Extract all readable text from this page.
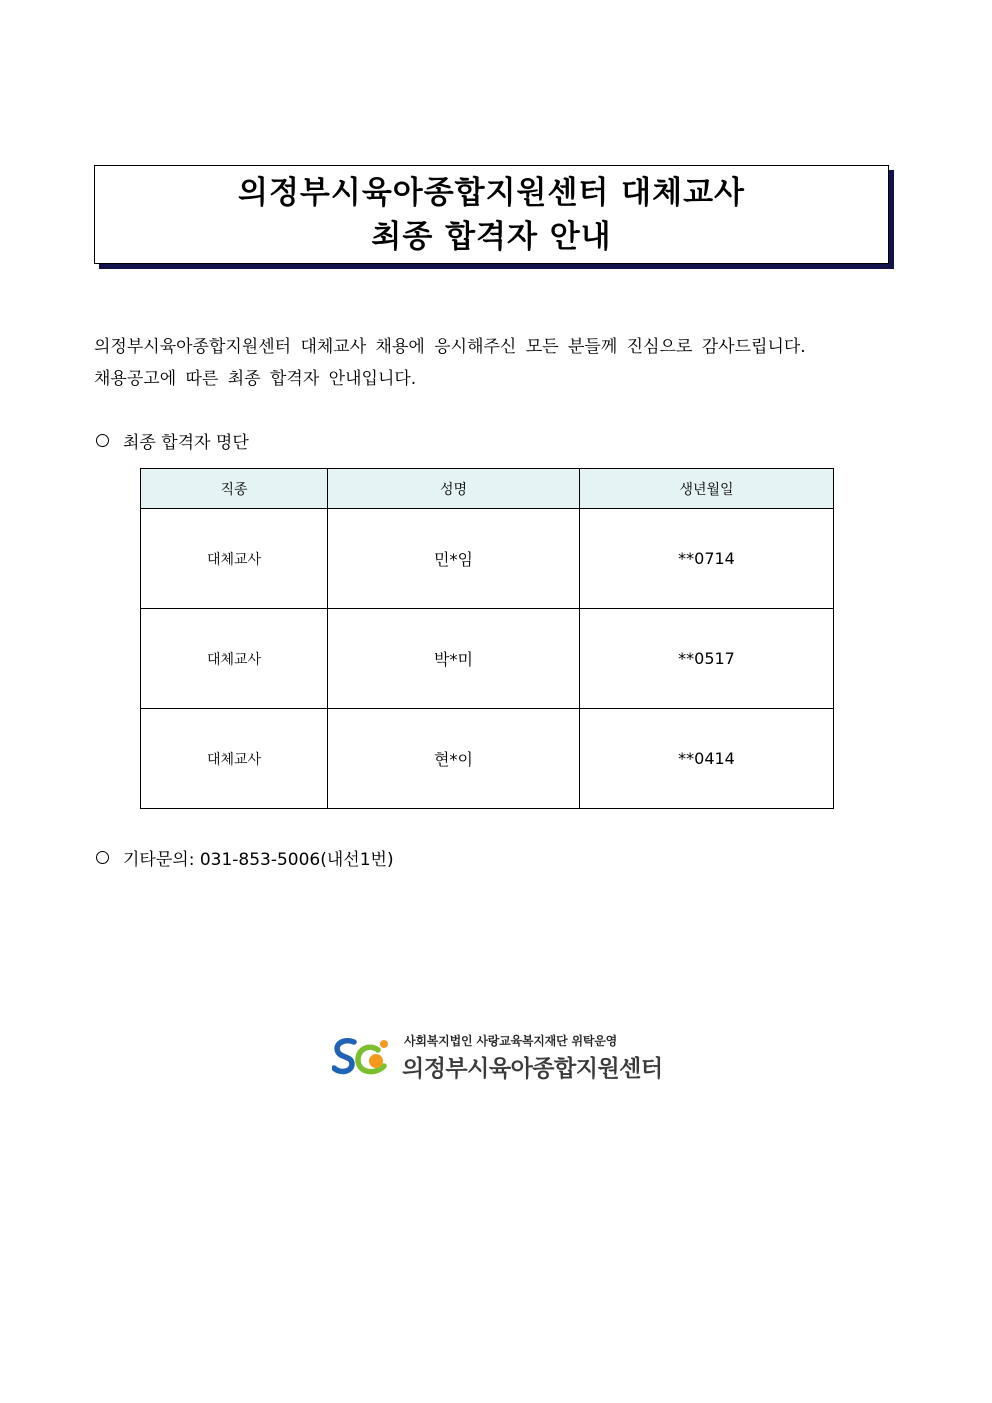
의정부시육아종합지원센터 대체교사
최종 합격자 안내
의정부시육아종합지원센터 대체교사 채용에 응시해주신 모든 분들께 진심으로 감사드립니다.
채용공고에 따른 최종 합격자 안내입니다.
최종 합격자 명단
직종	성명	생년월일
대체교사	민*임	**0714
대체교사	박*미	**0517
대체교사	현*이	**0414
기타문의: 031-853-5006(내선1번)
사회복지법인 사랑교육복지재단 위탁운영
의정부시육아종합지원센터
